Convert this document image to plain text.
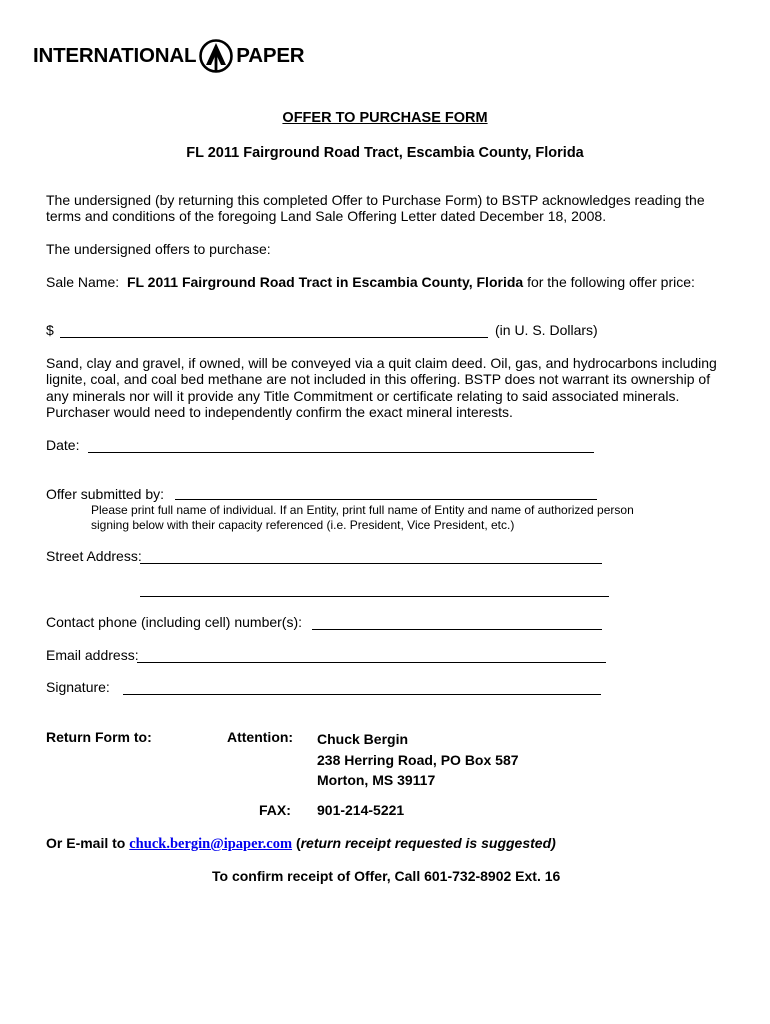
INTERNATIONAL PAPER
OFFER TO PURCHASE FORM
FL 2011 Fairground Road Tract, Escambia County, Florida
The undersigned (by returning this completed Offer to Purchase Form) to BSTP acknowledges reading the
terms and conditions of the foregoing Land Sale Offering Letter dated December 18, 2008.
The undersigned offers to purchase:
Sale Name: FL 2011 Fairground Road Tract in Escambia County, Florida for the following offer price:
$	(in U. S. Dollars)
Sand, clay and gravel, if owned, will be conveyed via a quit claim deed. Oil, gas, and hydrocarbons including
lignite, coal, and coal bed methane are not included in this offering. BSTP does not warrant its ownership of
any minerals nor will it provide any Title Commitment or certificate relating to said associated minerals.
Purchaser would need to independently confirm the exact mineral interests.
Date:
Offer submitted by:
Please print full name of individual. If an Entity, print full name of Entity and name of authorized person
signing below with their capacity referenced (i.e. President, Vice President, etc.)
Street Address:
Contact phone (including cell) number(s):
Email address:
Signature:
Return Form to:	Attention: Chuck Bergin
238 Herring Road, PO Box 587
Morton, MS 39117
FAX: 901-214-5221
Or E-mail to chuck.bergin@ipaper.com (return receipt requested is suggested)
To confirm receipt of Offer, Call 601-732-8902 Ext. 16
